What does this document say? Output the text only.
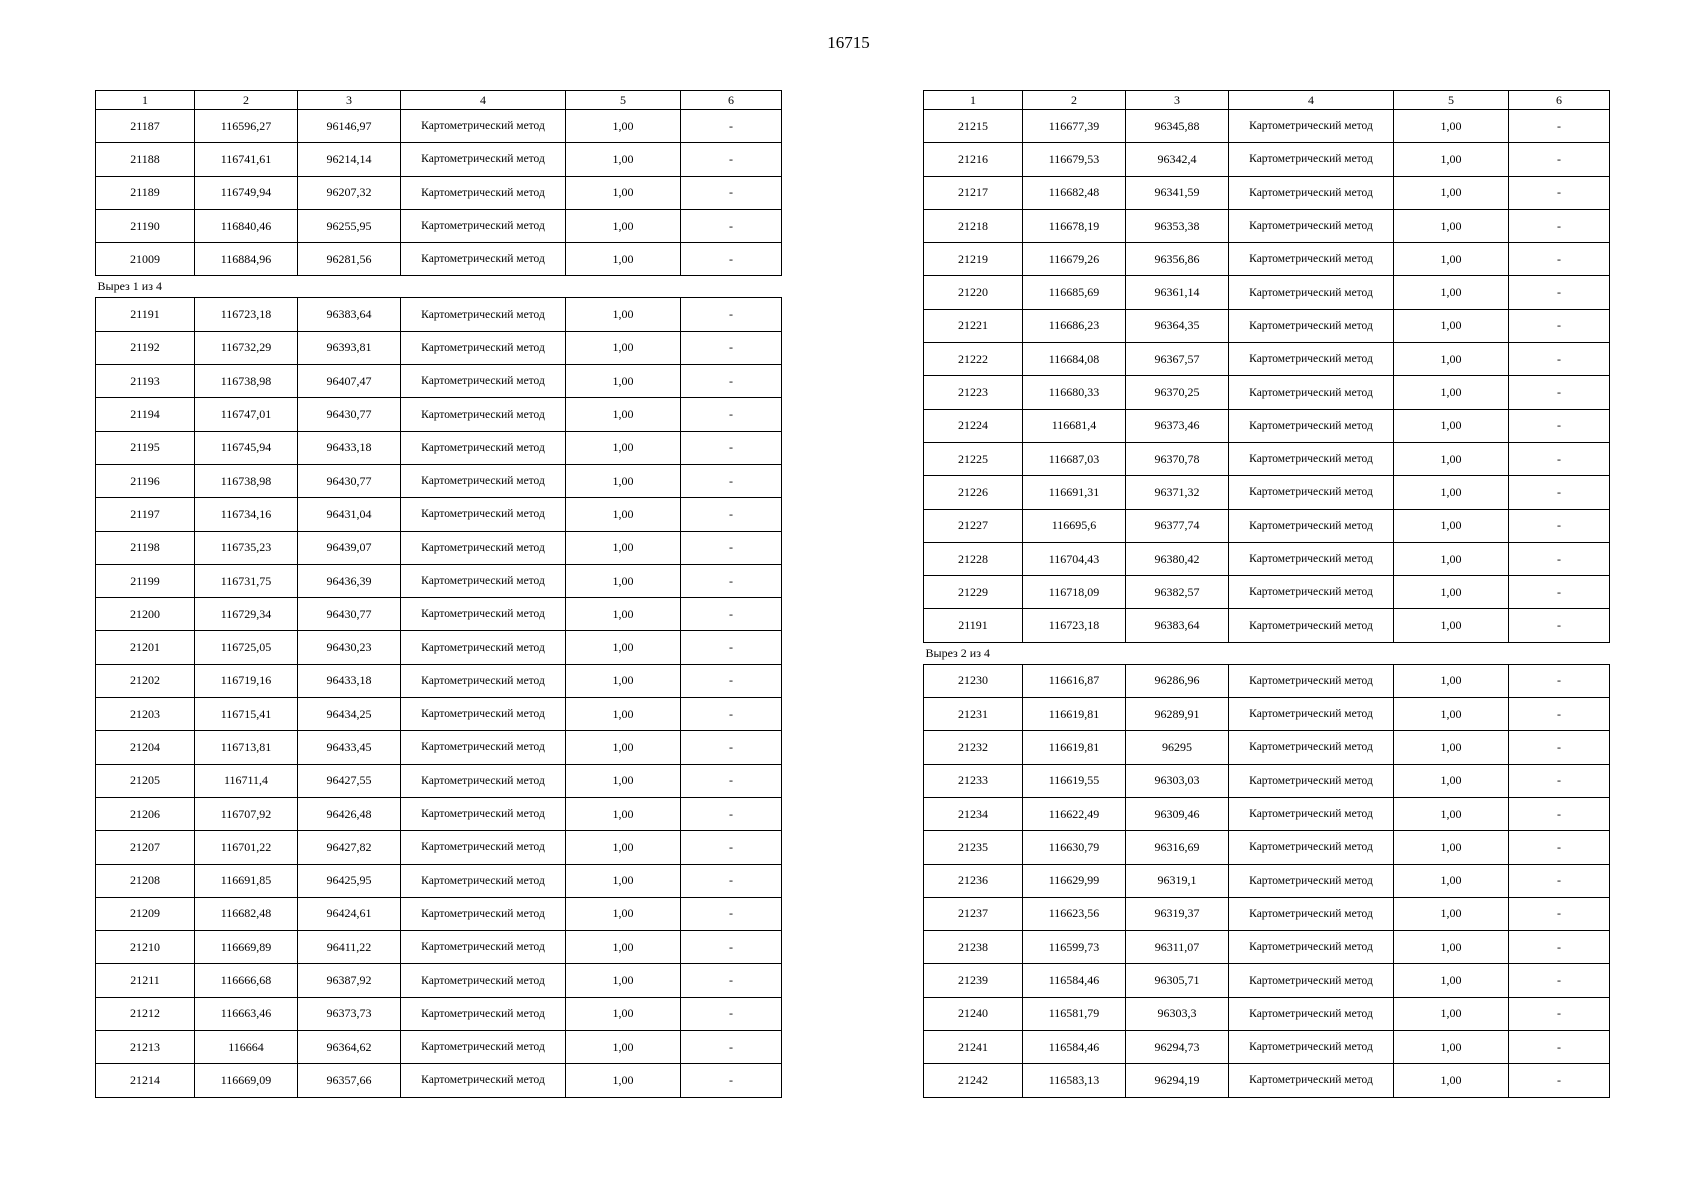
16715
1	2	3	4	5	6
21187	116596,27	96146,97	Картометрический метод	1,00	-
21188	116741,61	96214,14	Картометрический метод	1,00	-
21189	116749,94	96207,32	Картометрический метод	1,00	-
21190	116840,46	96255,95	Картометрический метод	1,00	-
21009	116884,96	96281,56	Картометрический метод	1,00	-
Вырез 1 из 4					
21191	116723,18	96383,64	Картометрический метод	1,00	-
21192	116732,29	96393,81	Картометрический метод	1,00	-
21193	116738,98	96407,47	Картометрический метод	1,00	-
21194	116747,01	96430,77	Картометрический метод	1,00	-
21195	116745,94	96433,18	Картометрический метод	1,00	-
21196	116738,98	96430,77	Картометрический метод	1,00	-
21197	116734,16	96431,04	Картометрический метод	1,00	-
21198	116735,23	96439,07	Картометрический метод	1,00	-
21199	116731,75	96436,39	Картометрический метод	1,00	-
21200	116729,34	96430,77	Картометрический метод	1,00	-
21201	116725,05	96430,23	Картометрический метод	1,00	-
21202	116719,16	96433,18	Картометрический метод	1,00	-
21203	116715,41	96434,25	Картометрический метод	1,00	-
21204	116713,81	96433,45	Картометрический метод	1,00	-
21205	116711,4	96427,55	Картометрический метод	1,00	-
21206	116707,92	96426,48	Картометрический метод	1,00	-
21207	116701,22	96427,82	Картометрический метод	1,00	-
21208	116691,85	96425,95	Картометрический метод	1,00	-
21209	116682,48	96424,61	Картометрический метод	1,00	-
21210	116669,89	96411,22	Картометрический метод	1,00	-
21211	116666,68	96387,92	Картометрический метод	1,00	-
21212	116663,46	96373,73	Картометрический метод	1,00	-
21213	116664	96364,62	Картометрический метод	1,00	-
21214	116669,09	96357,66	Картометрический метод	1,00	-
1	2	3	4	5	6
21215	116677,39	96345,88	Картометрический метод	1,00	-
21216	116679,53	96342,4	Картометрический метод	1,00	-
21217	116682,48	96341,59	Картометрический метод	1,00	-
21218	116678,19	96353,38	Картометрический метод	1,00	-
21219	116679,26	96356,86	Картометрический метод	1,00	-
21220	116685,69	96361,14	Картометрический метод	1,00	-
21221	116686,23	96364,35	Картометрический метод	1,00	-
21222	116684,08	96367,57	Картометрический метод	1,00	-
21223	116680,33	96370,25	Картометрический метод	1,00	-
21224	116681,4	96373,46	Картометрический метод	1,00	-
21225	116687,03	96370,78	Картометрический метод	1,00	-
21226	116691,31	96371,32	Картометрический метод	1,00	-
21227	116695,6	96377,74	Картометрический метод	1,00	-
21228	116704,43	96380,42	Картометрический метод	1,00	-
21229	116718,09	96382,57	Картометрический метод	1,00	-
21191	116723,18	96383,64	Картометрический метод	1,00	-
Вырез 2 из 4					
21230	116616,87	96286,96	Картометрический метод	1,00	-
21231	116619,81	96289,91	Картометрический метод	1,00	-
21232	116619,81	96295	Картометрический метод	1,00	-
21233	116619,55	96303,03	Картометрический метод	1,00	-
21234	116622,49	96309,46	Картометрический метод	1,00	-
21235	116630,79	96316,69	Картометрический метод	1,00	-
21236	116629,99	96319,1	Картометрический метод	1,00	-
21237	116623,56	96319,37	Картометрический метод	1,00	-
21238	116599,73	96311,07	Картометрический метод	1,00	-
21239	116584,46	96305,71	Картометрический метод	1,00	-
21240	116581,79	96303,3	Картометрический метод	1,00	-
21241	116584,46	96294,73	Картометрический метод	1,00	-
21242	116583,13	96294,19	Картометрический метод	1,00	-
